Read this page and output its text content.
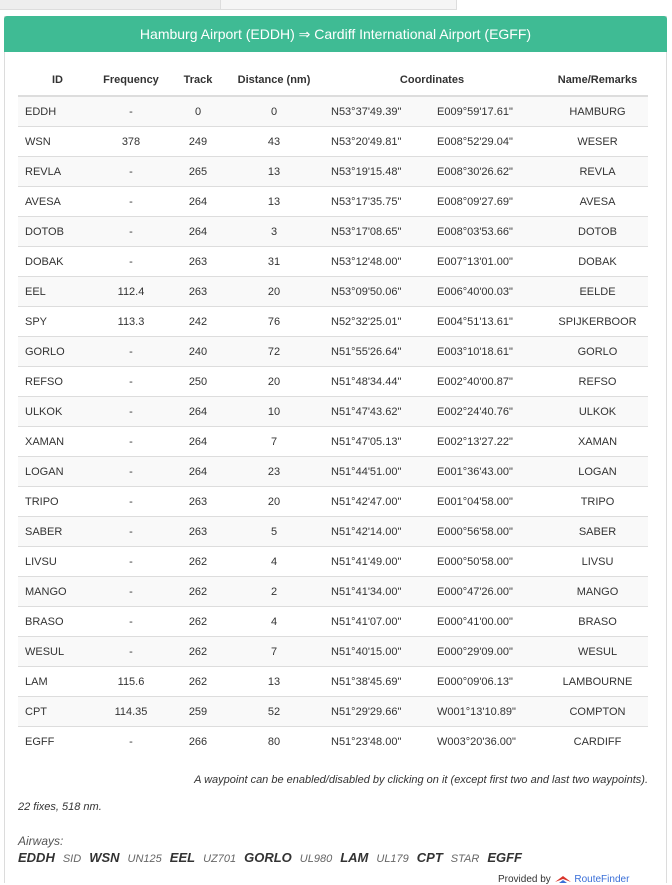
Hamburg Airport (EDDH) ⇒ Cardiff International Airport (EGFF)
ID	Frequency	Track	Distance (nm)	Coordinates		Name/Remarks
EDDH	-	0	0	N53°37'49.39"	E009°59'17.61"	HAMBURG
WSN	378	249	43	N53°20'49.81"	E008°52'29.04"	WESER
REVLA	-	265	13	N53°19'15.48"	E008°30'26.62"	REVLA
AVESA	-	264	13	N53°17'35.75"	E008°09'27.69"	AVESA
DOTOB	-	264	3	N53°17'08.65"	E008°03'53.66"	DOTOB
DOBAK	-	263	31	N53°12'48.00"	E007°13'01.00"	DOBAK
EEL	112.4	263	20	N53°09'50.06"	E006°40'00.03"	EELDE
SPY	113.3	242	76	N52°32'25.01"	E004°51'13.61"	SPIJKERBOOR
GORLO	-	240	72	N51°55'26.64"	E003°10'18.61"	GORLO
REFSO	-	250	20	N51°48'34.44"	E002°40'00.87"	REFSO
ULKOK	-	264	10	N51°47'43.62"	E002°24'40.76"	ULKOK
XAMAN	-	264	7	N51°47'05.13"	E002°13'27.22"	XAMAN
LOGAN	-	264	23	N51°44'51.00"	E001°36'43.00"	LOGAN
TRIPO	-	263	20	N51°42'47.00"	E001°04'58.00"	TRIPO
SABER	-	263	5	N51°42'14.00"	E000°56'58.00"	SABER
LIVSU	-	262	4	N51°41'49.00"	E000°50'58.00"	LIVSU
MANGO	-	262	2	N51°41'34.00"	E000°47'26.00"	MANGO
BRASO	-	262	4	N51°41'07.00"	E000°41'00.00"	BRASO
WESUL	-	262	7	N51°40'15.00"	E000°29'09.00"	WESUL
LAM	115.6	262	13	N51°38'45.69"	E000°09'06.13"	LAMBOURNE
CPT	114.35	259	52	N51°29'29.66"	W001°13'10.89"	COMPTON
EGFF	-	266	80	N51°23'48.00"	W003°20'36.00"	CARDIFF
A waypoint can be enabled/disabled by clicking on it (except first two and last two waypoints).
22 fixes, 518 nm.
Airways:
EDDH SID WSN UN125 EEL UZ701 GORLO UL980 LAM UL179 CPT STAR EGFF
Provided by RouteFinder
